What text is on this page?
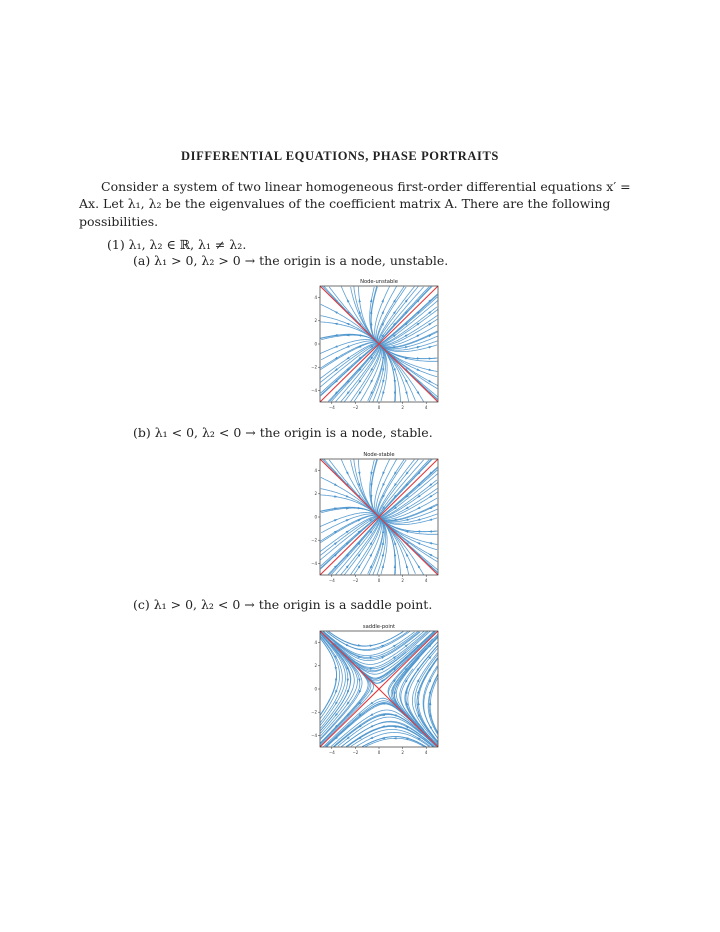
DIFFERENTIAL EQUATIONS, PHASE PORTRAITS
Consider a system of two linear homogeneous first-order differential equations x′ =
Ax. Let λ₁, λ₂ be the eigenvalues of the coefficient matrix A. There are the following
possibilities.
(1) λ₁, λ₂ ∈ ℝ, λ₁ ≠ λ₂.
(a) λ₁ > 0, λ₂ > 0 → the origin is a node, unstable.
Node-unstable
−4	−2	0	2	4
−4
−2
0
2
4
(b) λ₁ < 0, λ₂ < 0 → the origin is a node, stable.
Node-stable
−4	−2	0	2	4
−4
−2
0
2
4
(c) λ₁ > 0, λ₂ < 0 → the origin is a saddle point.
saddle-point
−4	−2	0	2	4
−4
−2
0
2
4
